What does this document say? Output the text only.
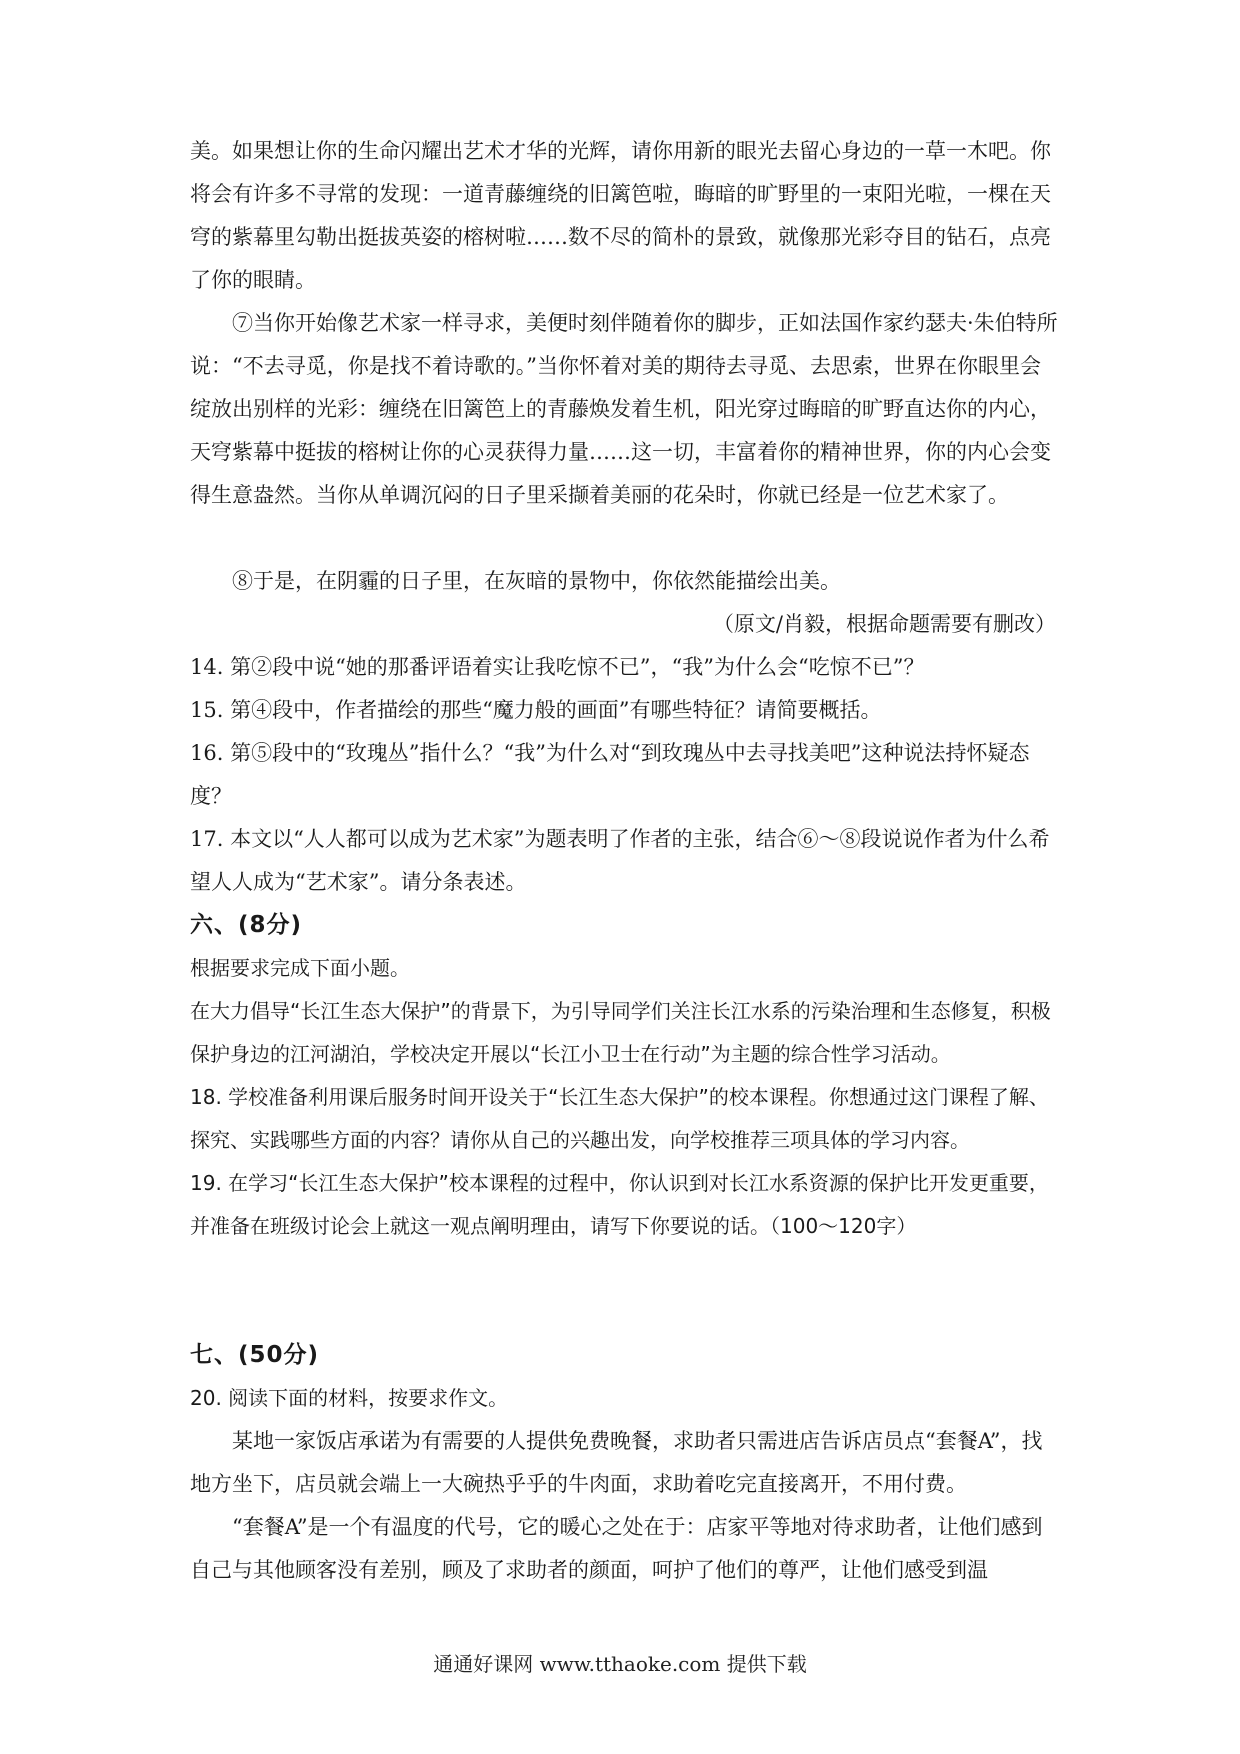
美。如果想让你的生命闪耀出艺术才华的光辉，请你用新的眼光去留心身边的一草一木吧。你将会有许多不寻常的发现：一道青藤缠绕的旧篱笆啦，晦暗的旷野里的一束阳光啦，一棵在天穹的紫幕里勾勒出挺拔英姿的榕树啦……数不尽的简朴的景致，就像那光彩夺目的钻石，点亮了你的眼睛。

⑦当你开始像艺术家一样寻求，美便时刻伴随着你的脚步，正如法国作家约瑟夫·朱伯特所说：“不去寻觅，你是找不着诗歌的。”当你怀着对美的期待去寻觅、去思索，世界在你眼里会绽放出别样的光彩：缠绕在旧篱笆上的青藤焕发着生机，阳光穿过晦暗的旷野直达你的内心，天穹紫幕中挺拔的榕树让你的心灵获得力量……这一切，丰富着你的精神世界，你的内心会变得生意盎然。当你从单调沉闷的日子里采撷着美丽的花朵时，你就已经是一位艺术家了。

⑧于是，在阴霾的日子里，在灰暗的景物中，你依然能描绘出美。

（原文/肖毅，根据命题需要有删改）

14. 第②段中说“她的那番评语着实让我吃惊不已”，“我”为什么会“吃惊不已”？

15. 第④段中，作者描绘的那些“魔力般的画面”有哪些特征？请简要概括。

16. 第⑤段中的“玫瑰丛”指什么？“我”为什么对“到玫瑰丛中去寻找美吧”这种说法持怀疑态度？

17. 本文以“人人都可以成为艺术家”为题表明了作者的主张，结合⑥～⑧段说说作者为什么希望人人成为“艺术家”。请分条表述。

六、(8分)

根据要求完成下面小题。

在大力倡导“长江生态大保护”的背景下，为引导同学们关注长江水系的污染治理和生态修复，积极保护身边的江河湖泊，学校决定开展以“长江小卫士在行动”为主题的综合性学习活动。

18. 学校准备利用课后服务时间开设关于“长江生态大保护”的校本课程。你想通过这门课程了解、探究、实践哪些方面的内容？请你从自己的兴趣出发，向学校推荐三项具体的学习内容。

19. 在学习“长江生态大保护”校本课程的过程中，你认识到对长江水系资源的保护比开发更重要，并准备在班级讨论会上就这一观点阐明理由，请写下你要说的话。（100～120字）

七、(50分)

20. 阅读下面的材料，按要求作文。

某地一家饭店承诺为有需要的人提供免费晚餐，求助者只需进店告诉店员点“套餐A”，找地方坐下，店员就会端上一大碗热乎乎的牛肉面，求助着吃完直接离开，不用付费。

“套餐A”是一个有温度的代号，它的暖心之处在于：店家平等地对待求助者，让他们感到自己与其他顾客没有差别，顾及了求助者的颜面，呵护了他们的尊严，让他们感受到温

通通好课网 www.tthaoke.com 提供下载
